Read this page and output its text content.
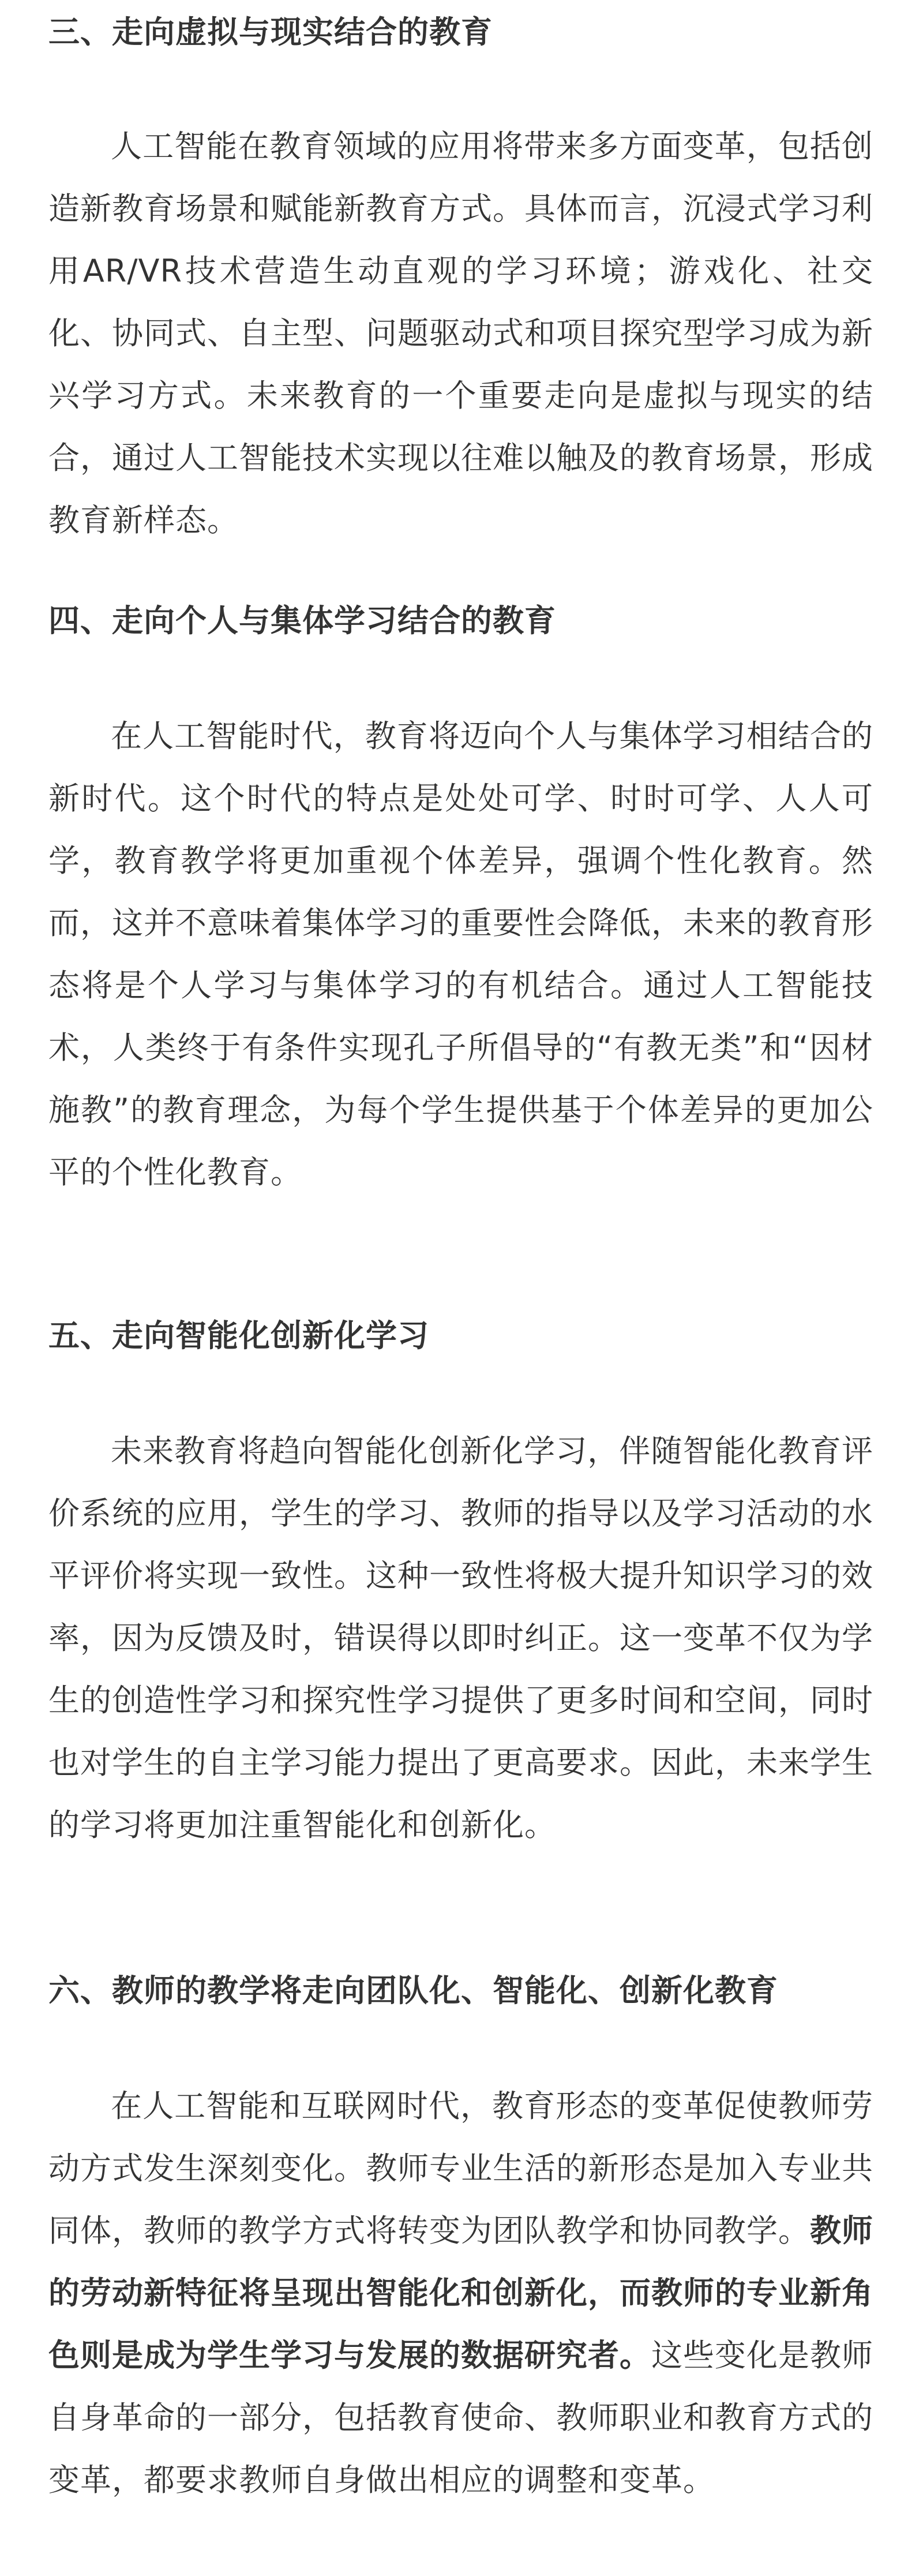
三、走向虚拟与现实结合的教育

人工智能在教育领域的应用将带来多方面变革，包括创造新教育场景和赋能新教育方式。具体而言，沉浸式学习利用AR/VR技术营造生动直观的学习环境；游戏化、社交化、协同式、自主型、问题驱动式和项目探究型学习成为新兴学习方式。未来教育的一个重要走向是虚拟与现实的结合，通过人工智能技术实现以往难以触及的教育场景，形成教育新样态。

四、走向个人与集体学习结合的教育

在人工智能时代，教育将迈向个人与集体学习相结合的新时代。这个时代的特点是处处可学、时时可学、人人可学，教育教学将更加重视个体差异，强调个性化教育。然而，这并不意味着集体学习的重要性会降低，未来的教育形态将是个人学习与集体学习的有机结合。通过人工智能技术，人类终于有条件实现孔子所倡导的“有教无类”和“因材施教”的教育理念，为每个学生提供基于个体差异的更加公平的个性化教育。

五、走向智能化创新化学习

未来教育将趋向智能化创新化学习，伴随智能化教育评价系统的应用，学生的学习、教师的指导以及学习活动的水平评价将实现一致性。这种一致性将极大提升知识学习的效率，因为反馈及时，错误得以即时纠正。这一变革不仅为学生的创造性学习和探究性学习提供了更多时间和空间，同时也对学生的自主学习能力提出了更高要求。因此，未来学生的学习将更加注重智能化和创新化。

六、教师的教学将走向团队化、智能化、创新化教育

在人工智能和互联网时代，教育形态的变革促使教师劳动方式发生深刻变化。教师专业生活的新形态是加入专业共同体，教师的教学方式将转变为团队教学和协同教学。教师的劳动新特征将呈现出智能化和创新化，而教师的专业新角色则是成为学生学习与发展的数据研究者。这些变化是教师自身革命的一部分，包括教育使命、教师职业和教育方式的变革，都要求教师自身做出相应的调整和变革。
